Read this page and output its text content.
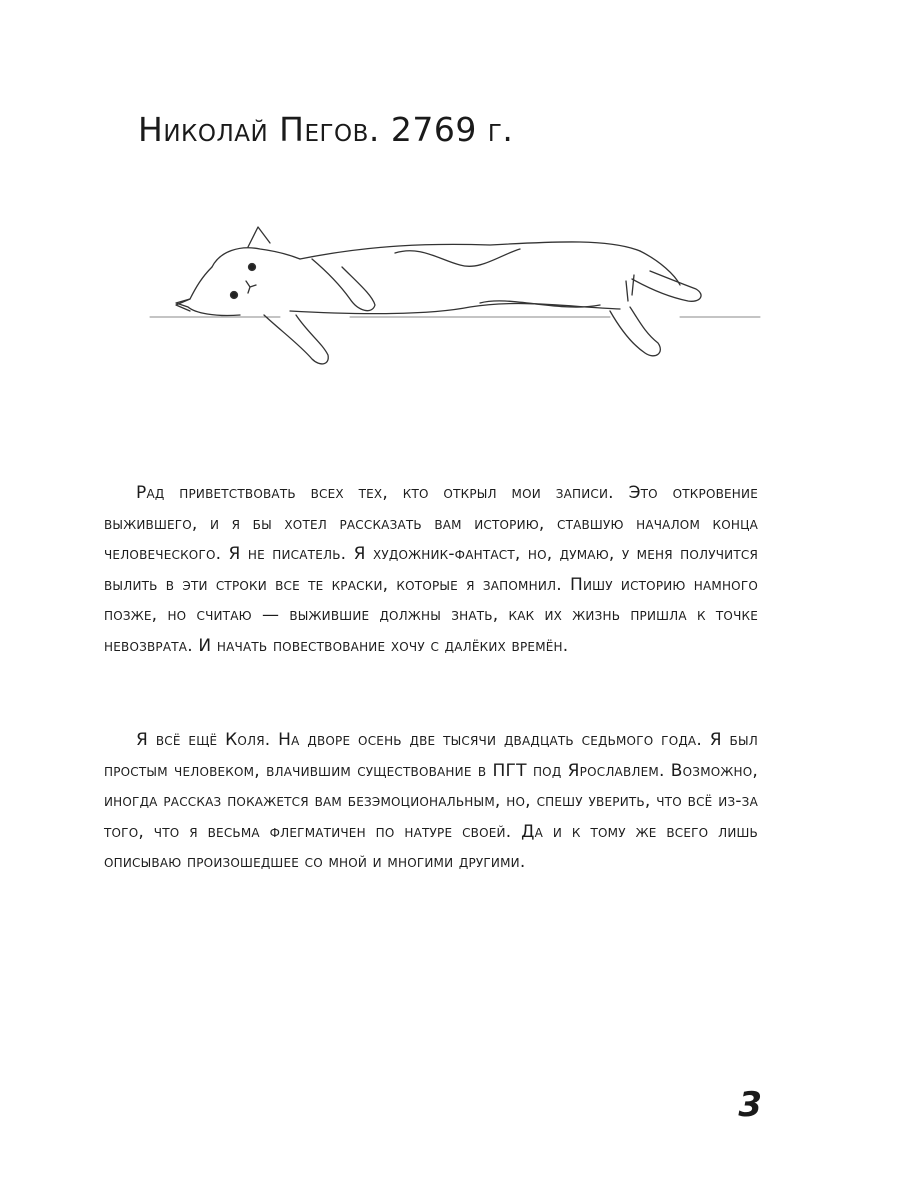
Николай Пегов. 2769 г.

Рад приветствовать всех тех, кто открыл мои записи. Это откровение выжившего, и я бы хотел рассказать вам историю, ставшую началом конца человеческого. Я не писатель. Я художник-фантаст, но, думаю, у меня получится вылить в эти строки все те краски, которые я запомнил. Пишу историю намного позже, но считаю — выжившие должны знать, как их жизнь пришла к точке невозврата. И начать повествование хочу с далёких времён.

Я всё ещё Коля. На дворе осень две тысячи двадцать седьмого года. Я был простым человеком, влачившим существование в ПГТ под Ярославлем. Возможно, иногда рассказ покажется вам безэмоциональным, но, спешу уверить, что всё из-за того, что я весьма флегматичен по натуре своей. Да и к тому же всего лишь описываю произошедшее со мной и многими другими.

3
